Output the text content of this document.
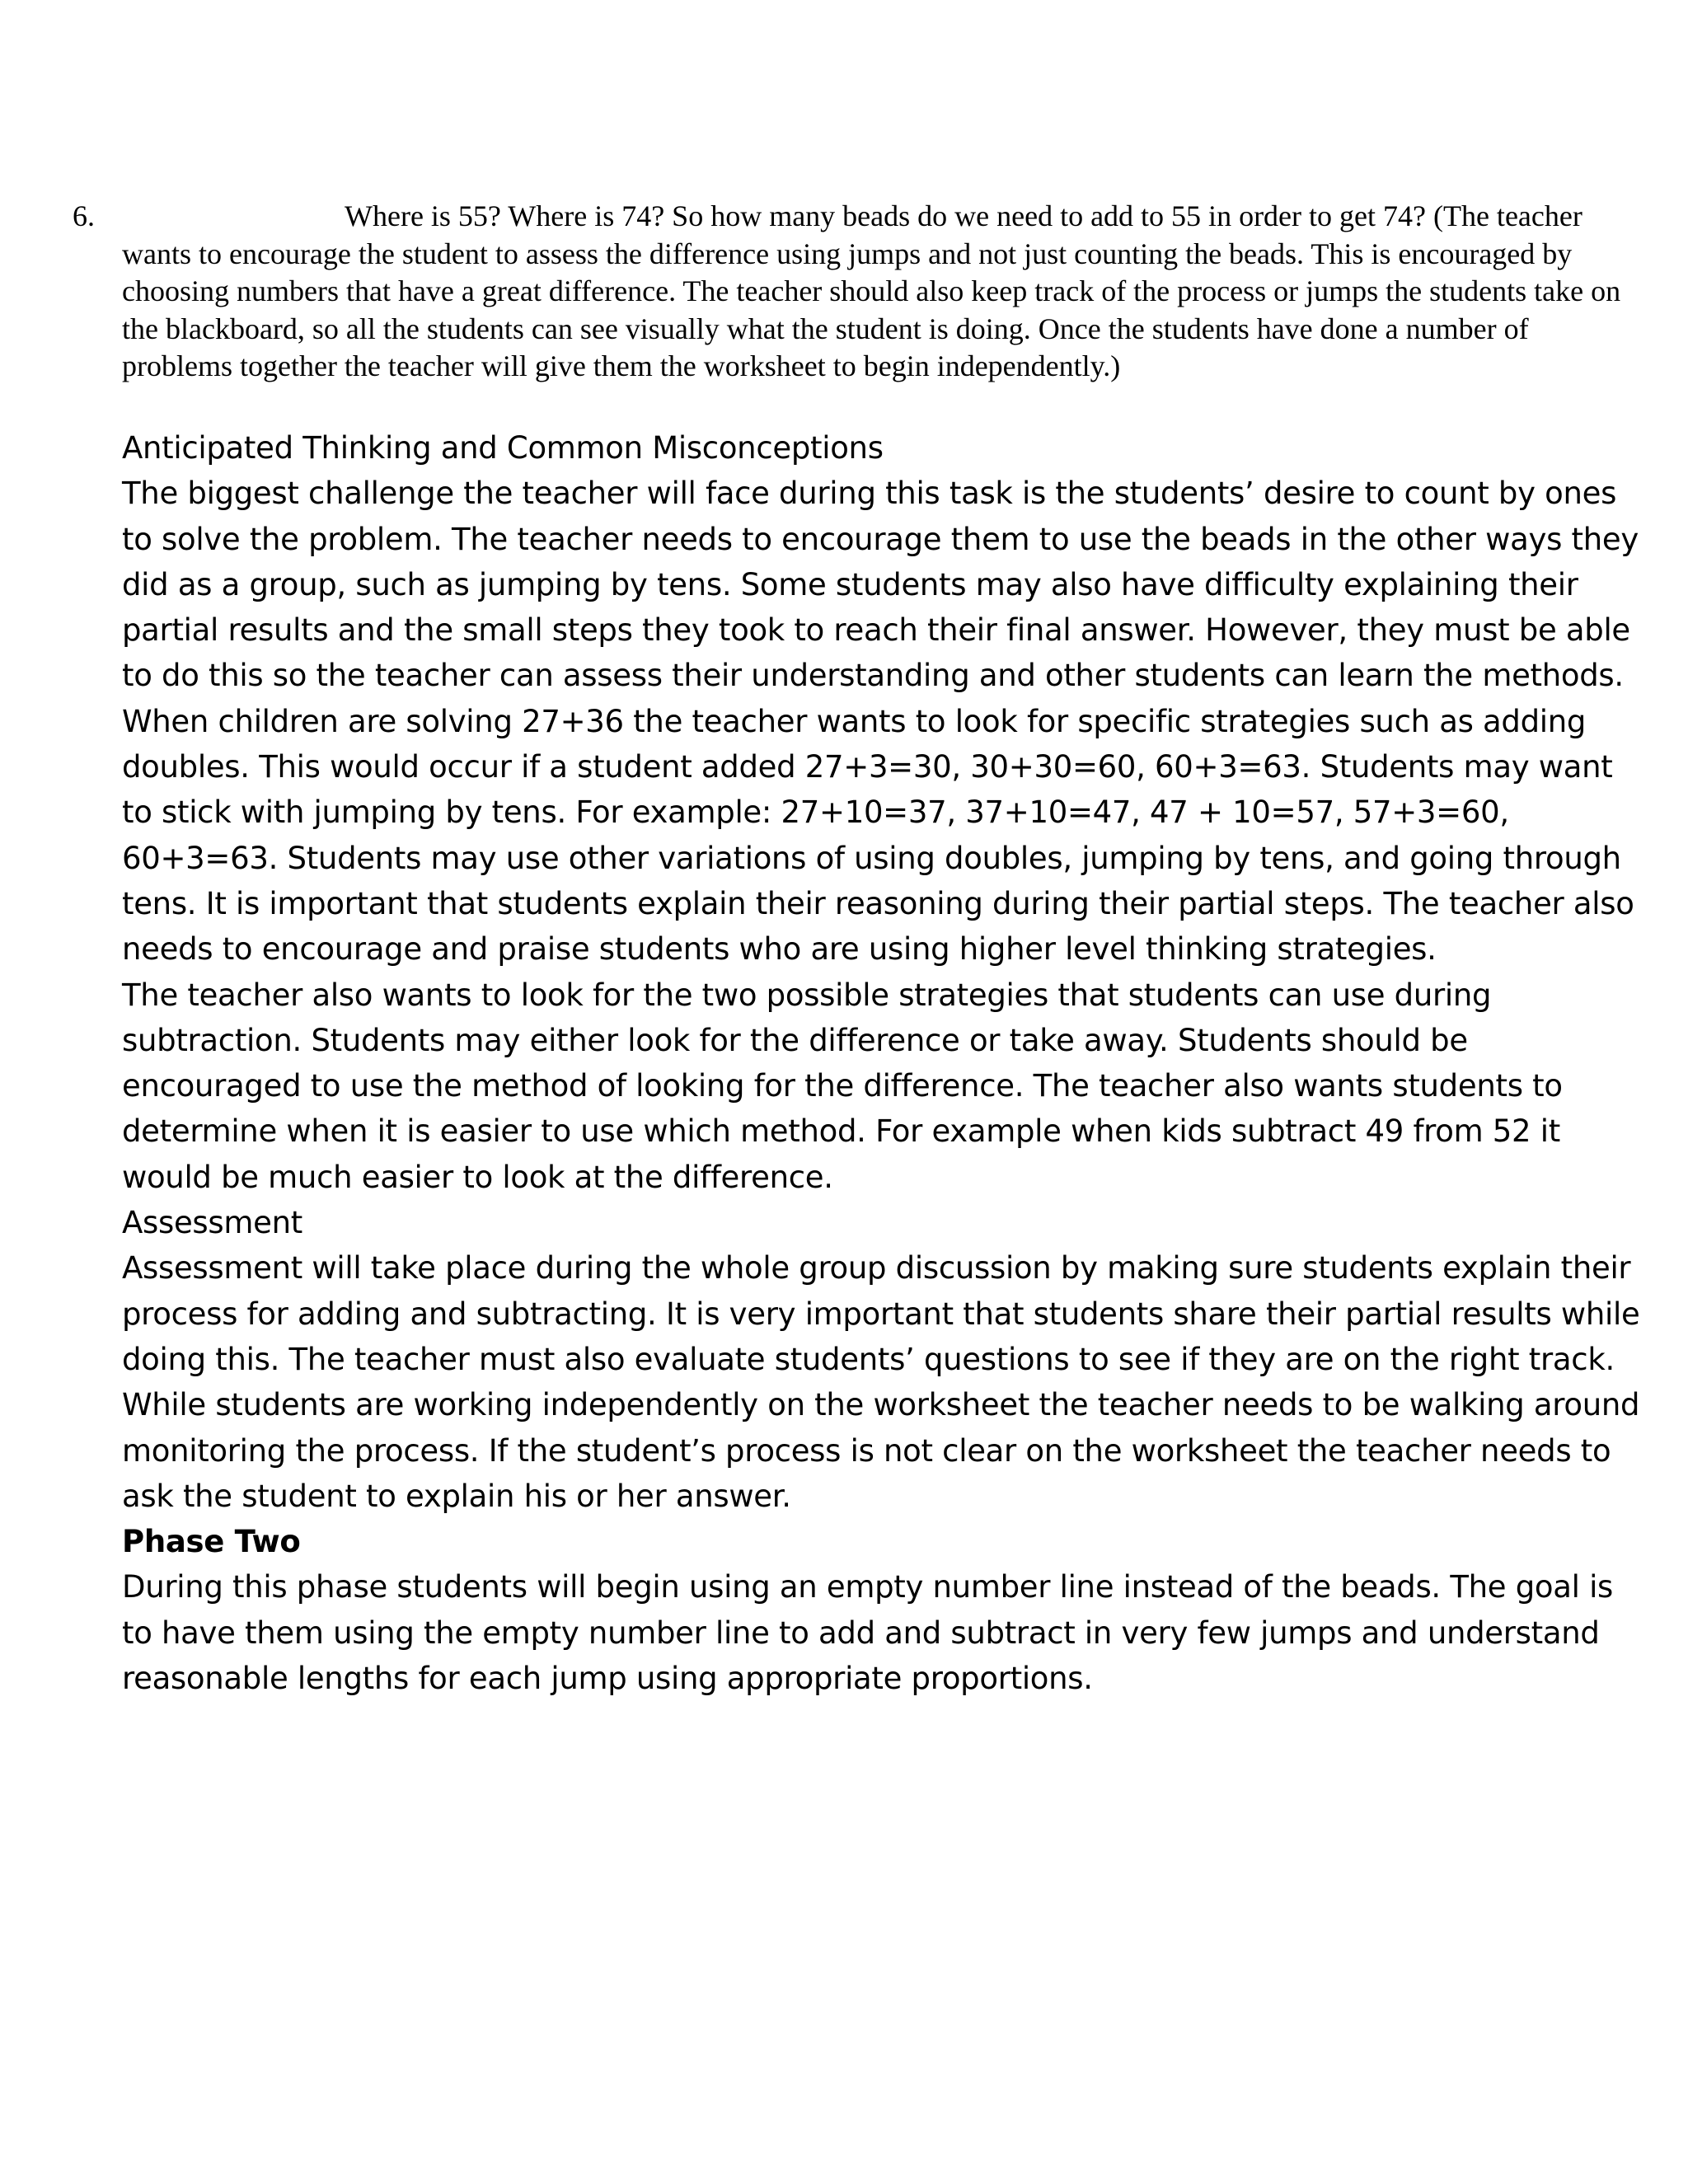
6.	Where is 55? Where is 74? So how many beads do we need to add to 55 in order to get 74? (The teacher wants to encourage the student to assess the difference using jumps and not just counting the beads. This is encouraged by choosing numbers that have a great difference. The teacher should also keep track of the process or jumps the students take on the blackboard, so all the students can see visually what the student is doing. Once the students have done a number of problems together the teacher will give them the worksheet to begin independently.)

Anticipated Thinking and Common Misconceptions

The biggest challenge the teacher will face during this task is the students’ desire to count by ones to solve the problem. The teacher needs to encourage them to use the beads in the other ways they did as a group, such as jumping by tens. Some students may also have difficulty explaining their partial results and the small steps they took to reach their final answer. However, they must be able to do this so the teacher can assess their understanding and other students can learn the methods.

When children are solving 27+36 the teacher wants to look for specific strategies such as adding doubles. This would occur if a student added 27+3=30, 30+30=60, 60+3=63. Students may want to stick with jumping by tens. For example: 27+10=37, 37+10=47, 47 + 10=57, 57+3=60, 60+3=63. Students may use other variations of using doubles, jumping by tens, and going through tens. It is important that students explain their reasoning during their partial steps. The teacher also needs to encourage and praise students who are using higher level thinking strategies.

The teacher also wants to look for the two possible strategies that students can use during subtraction. Students may either look for the difference or take away. Students should be encouraged to use the method of looking for the difference. The teacher also wants students to determine when it is easier to use which method. For example when kids subtract 49 from 52 it would be much easier to look at the difference.

Assessment

Assessment will take place during the whole group discussion by making sure students explain their process for adding and subtracting. It is very important that students share their partial results while doing this. The teacher must also evaluate students’ questions to see if they are on the right track. While students are working independently on the worksheet the teacher needs to be walking around monitoring the process. If the student’s process is not clear on the worksheet the teacher needs to ask the student to explain his or her answer.

Phase Two

During this phase students will begin using an empty number line instead of the beads. The goal is to have them using the empty number line to add and subtract in very few jumps and understand reasonable lengths for each jump using appropriate proportions.
